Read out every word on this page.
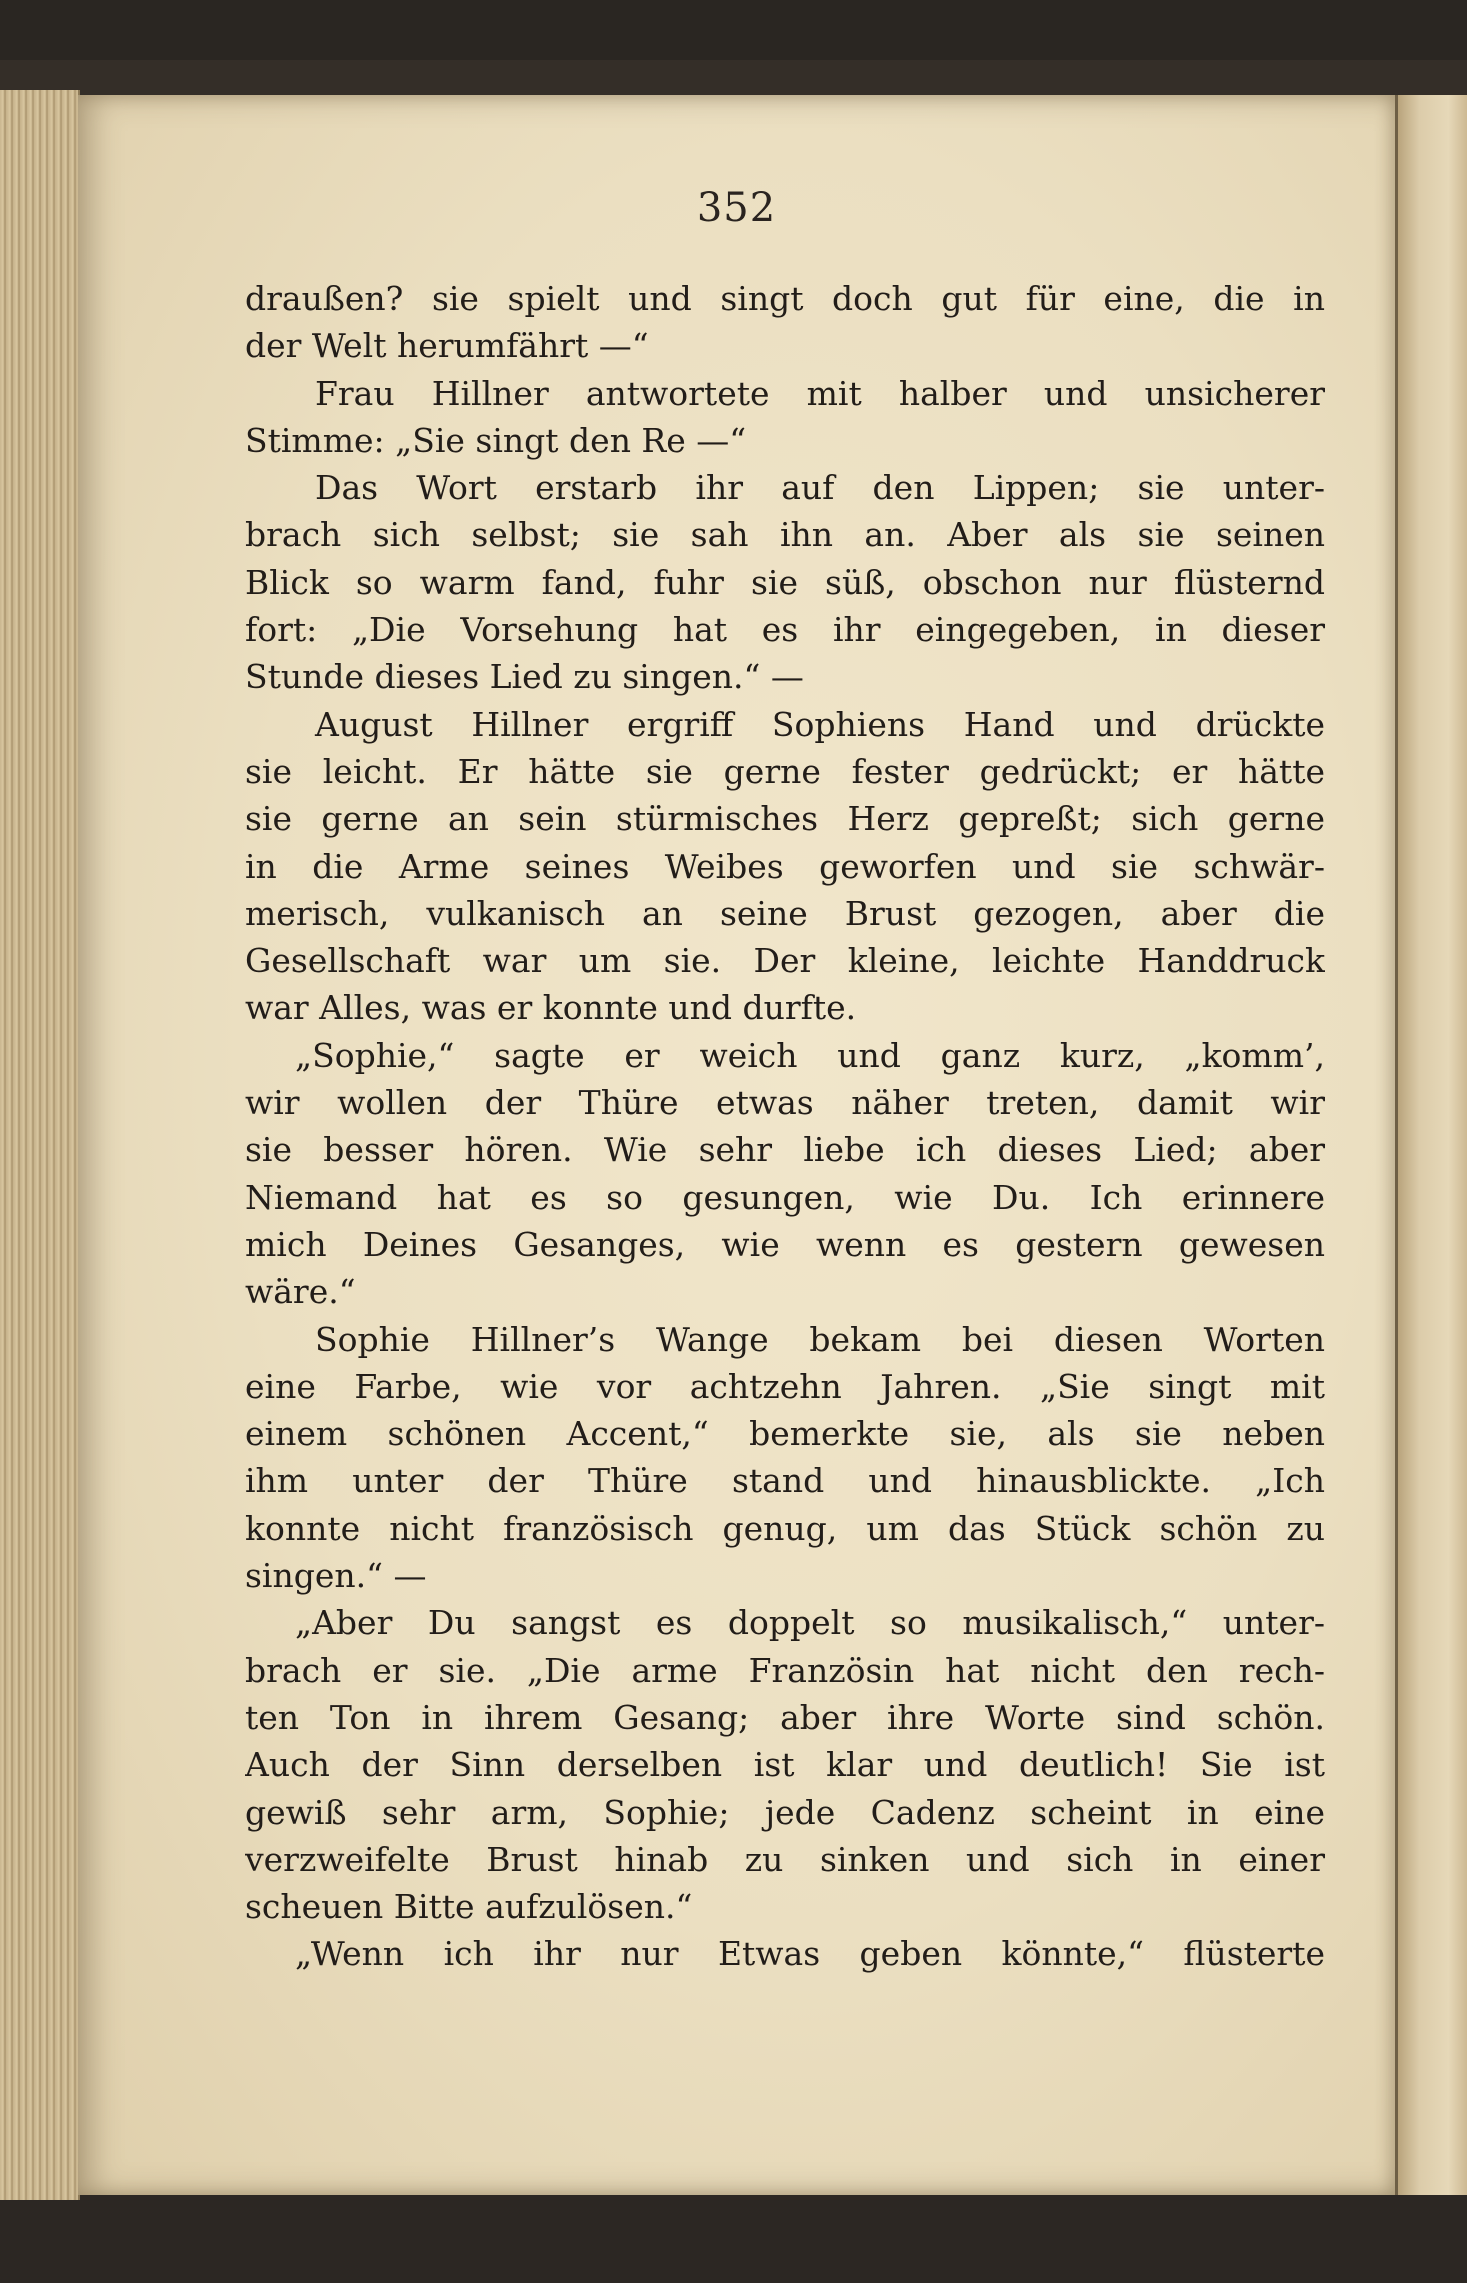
352
draußen? sie spielt und singt doch gut für eine, die in
der Welt herumfährt —“
Frau Hillner antwortete mit halber und unsicherer
Stimme: „Sie singt den Re —“
Das Wort erstarb ihr auf den Lippen; sie unter-
brach sich selbst; sie sah ihn an. Aber als sie seinen
Blick so warm fand, fuhr sie süß, obschon nur flüsternd
fort: „Die Vorsehung hat es ihr eingegeben, in dieser
Stunde dieses Lied zu singen.“ —
August Hillner ergriff Sophiens Hand und drückte
sie leicht. Er hätte sie gerne fester gedrückt; er hätte
sie gerne an sein stürmisches Herz gepreßt; sich gerne
in die Arme seines Weibes geworfen und sie schwär-
merisch, vulkanisch an seine Brust gezogen, aber die
Gesellschaft war um sie. Der kleine, leichte Handdruck
war Alles, was er konnte und durfte.
„Sophie,“ sagte er weich und ganz kurz, „komm’,
wir wollen der Thüre etwas näher treten, damit wir
sie besser hören. Wie sehr liebe ich dieses Lied; aber
Niemand hat es so gesungen, wie Du. Ich erinnere
mich Deines Gesanges, wie wenn es gestern gewesen
wäre.“
Sophie Hillner’s Wange bekam bei diesen Worten
eine Farbe, wie vor achtzehn Jahren. „Sie singt mit
einem schönen Accent,“ bemerkte sie, als sie neben
ihm unter der Thüre stand und hinausblickte. „Ich
konnte nicht französisch genug, um das Stück schön zu
singen.“ —
„Aber Du sangst es doppelt so musikalisch,“ unter-
brach er sie. „Die arme Französin hat nicht den rech-
ten Ton in ihrem Gesang; aber ihre Worte sind schön.
Auch der Sinn derselben ist klar und deutlich! Sie ist
gewiß sehr arm, Sophie; jede Cadenz scheint in eine
verzweifelte Brust hinab zu sinken und sich in einer
scheuen Bitte aufzulösen.“
„Wenn ich ihr nur Etwas geben könnte,“ flüsterte
